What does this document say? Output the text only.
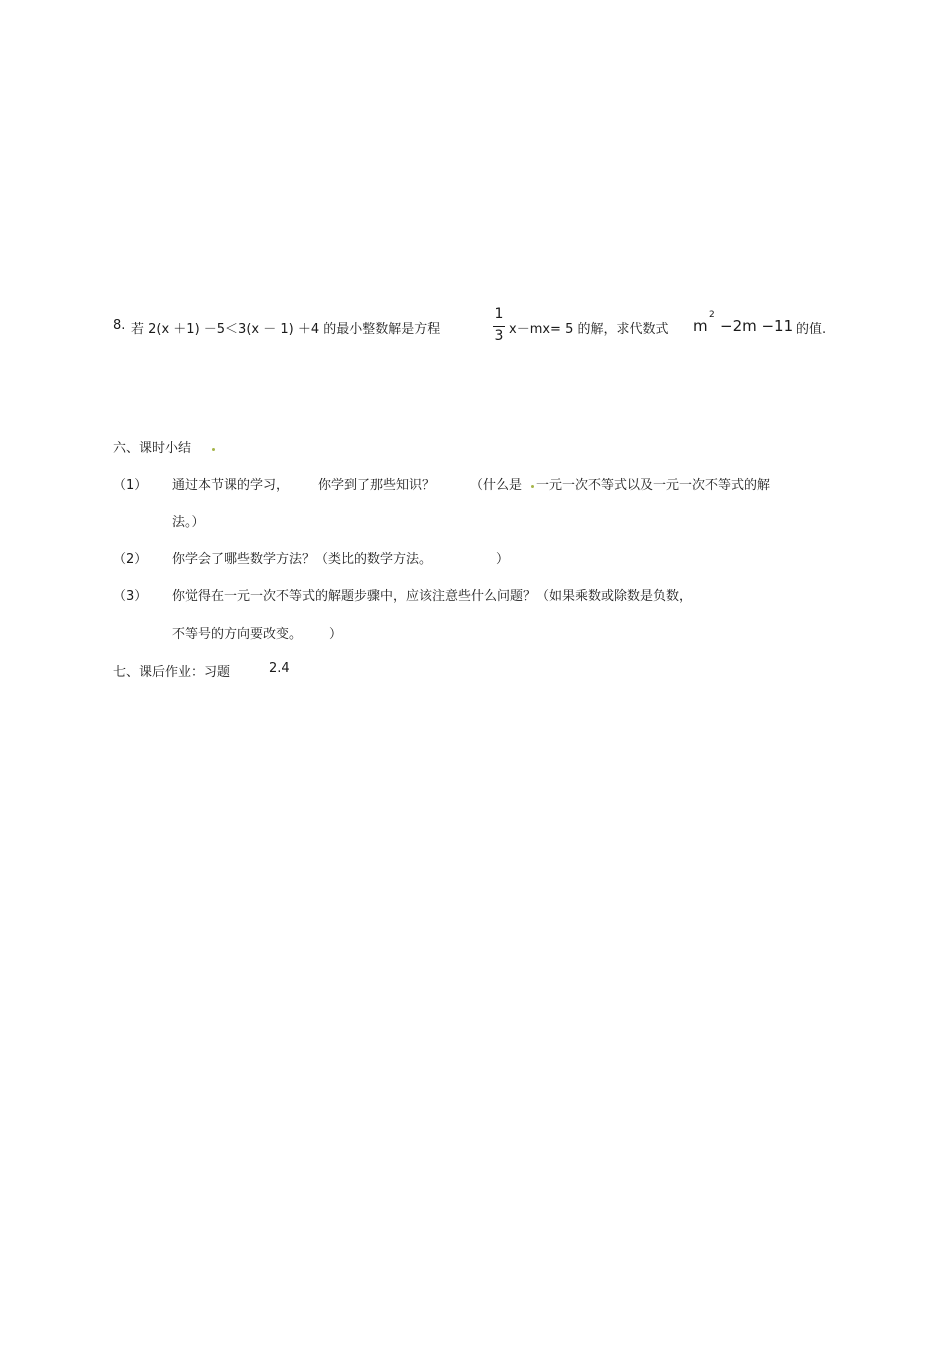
8. 若 2(x ＋1) －5＜3(x － 1) ＋4 的最小整数解是方程
1
3 x－mx= 5 的解，求代数式 m
2
−2m −11 的值.
六、课时小结
（1） 通过本节课的学习， 你学到了那些知识？	（什么是 一元一次不等式以及一元一次不等式的解
法。）
（2） 你学会了哪些数学方法？（类比的数学方法。	）
（3） 你觉得在一元一次不等式的解题步骤中，应该注意些什么问题？（如果乘数或除数是负数，
不等号的方向要改变。 ）
七、课后作业：习题	2.4
